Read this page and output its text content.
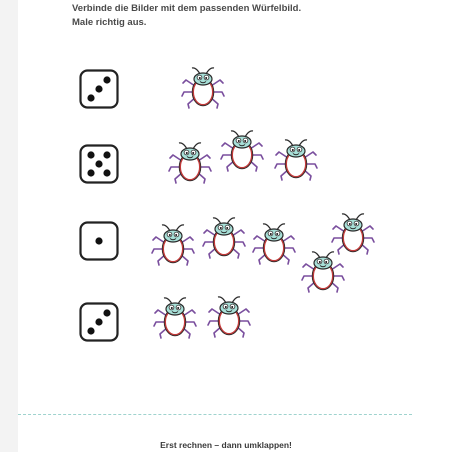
Verbinde die Bilder mit dem passenden Würfelbild.
Male richtig aus.
Erst rechnen – dann umklappen!
